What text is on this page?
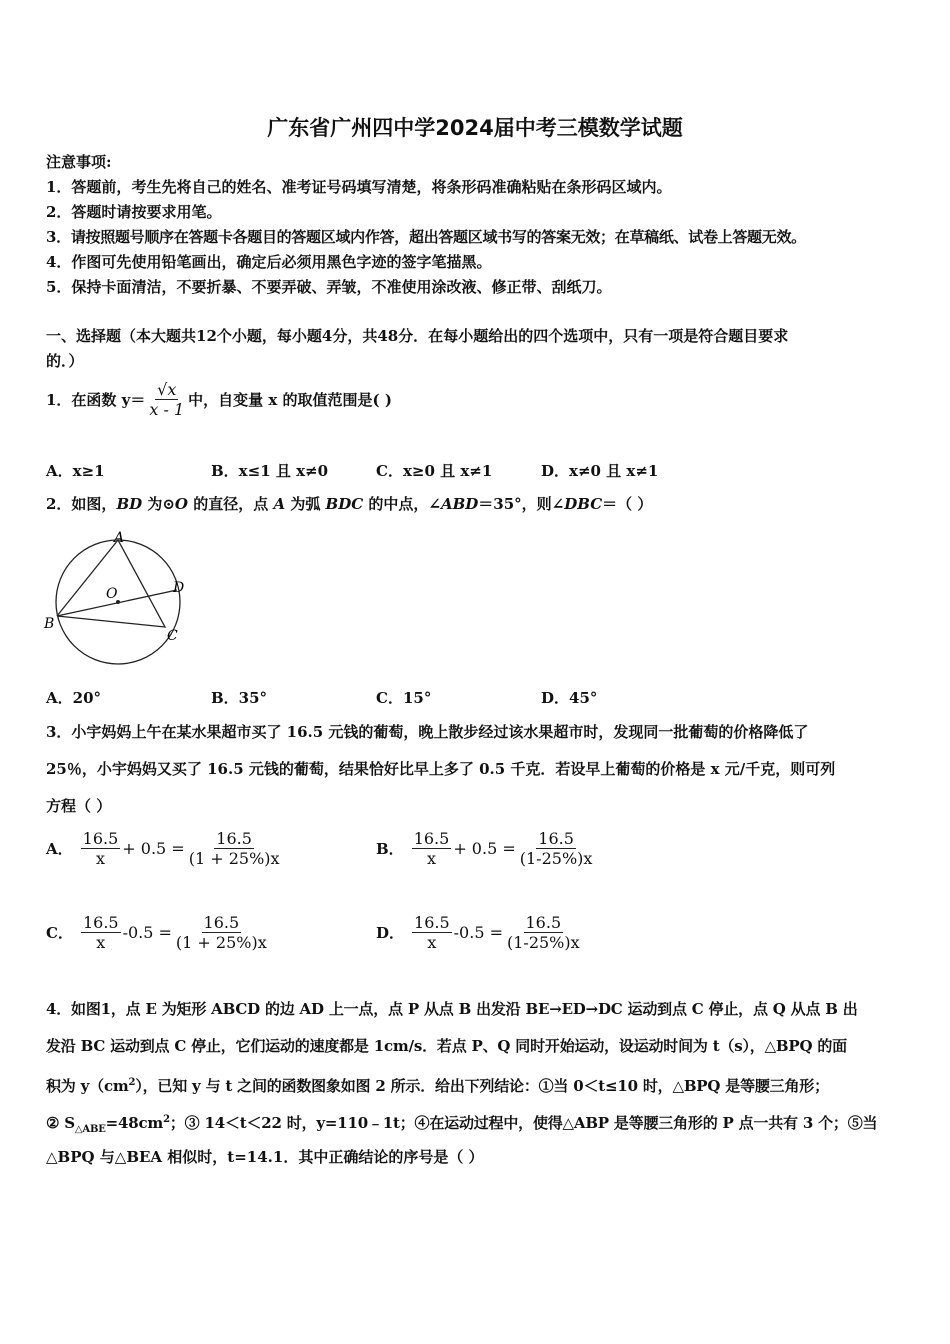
广东省广州四中学2024届中考三模数学试题
注意事项:
1．答题前，考生先将自己的姓名、准考证号码填写清楚，将条形码准确粘贴在条形码区域内。
2．答题时请按要求用笔。
3．请按照题号顺序在答题卡各题目的答题区域内作答，超出答题区域书写的答案无效；在草稿纸、试卷上答题无效。
4．作图可先使用铅笔画出，确定后必须用黑色字迹的签字笔描黑。
5．保持卡面清洁，不要折暴、不要弄破、弄皱，不准使用涂改液、修正带、刮纸刀。
一、选择题（本大题共12个小题，每小题4分，共48分．在每小题给出的四个选项中，只有一项是符合题目要求
的．）
1．在函数 $y= \frac{√x}{x - 1}$ 中，自变量 x 的取值范围是( )
A．x≥1	B．x≤1 且 x≠0	C．x≥0 且 x≠1	D．x≠0 且 x≠1
2．如图，BD 为⊙O 的直径，点 A 为弧 BDC 的中点，∠ABD＝35°，则∠DBC＝（ ）
A
B
C
D
O
A．20°	B．35°	C．15°	D．45°
3．小宇妈妈上午在某水果超市买了 16.5 元钱的葡萄，晚上散步经过该水果超市时，发现同一批葡萄的价格降低了
25％，小宇妈妈又买了 16.5 元钱的葡萄，结果恰好比早上多了 0.5 千克．若设早上葡萄的价格是 x 元/千克，则可列
方程（ ）
A． $\frac{16.5}{x} + 0.5 = \frac{16.5}{(1 + 25\%)x}$	B． $\frac{16.5}{x} + 0.5 = \frac{16.5}{(1-25\%)x}$
C． $\frac{16.5}{x} -0.5 = \frac{16.5}{(1 + 25\%)x}$	D． $\frac{16.5}{x} -0.5 = \frac{16.5}{(1-25\%)x}$
4．如图1，点 E 为矩形 ABCD 的边 AD 上一点，点 P 从点 B 出发沿 BE→ED→DC 运动到点 C 停止，点 Q 从点 B 出
发沿 BC 运动到点 C 停止，它们运动的速度都是 1cm/s．若点 P、Q 同时开始运动，设运动时间为 t（s），△BPQ 的面
积为 $y(cm^2)$，已知 y 与 t 之间的函数图象如图 2 所示．给出下列结论：①当 0＜t≤10 时，△BPQ 是等腰三角形；
② $S_{\triangle ABE}=48cm^2$；③ 14＜t＜22 时，y=110﹣1t；④在运动过程中，使得△ABP 是等腰三角形的 P 点一共有 3 个；⑤当
△BPQ 与△BEA 相似时，t=14.1．其中正确结论的序号是（ ）
